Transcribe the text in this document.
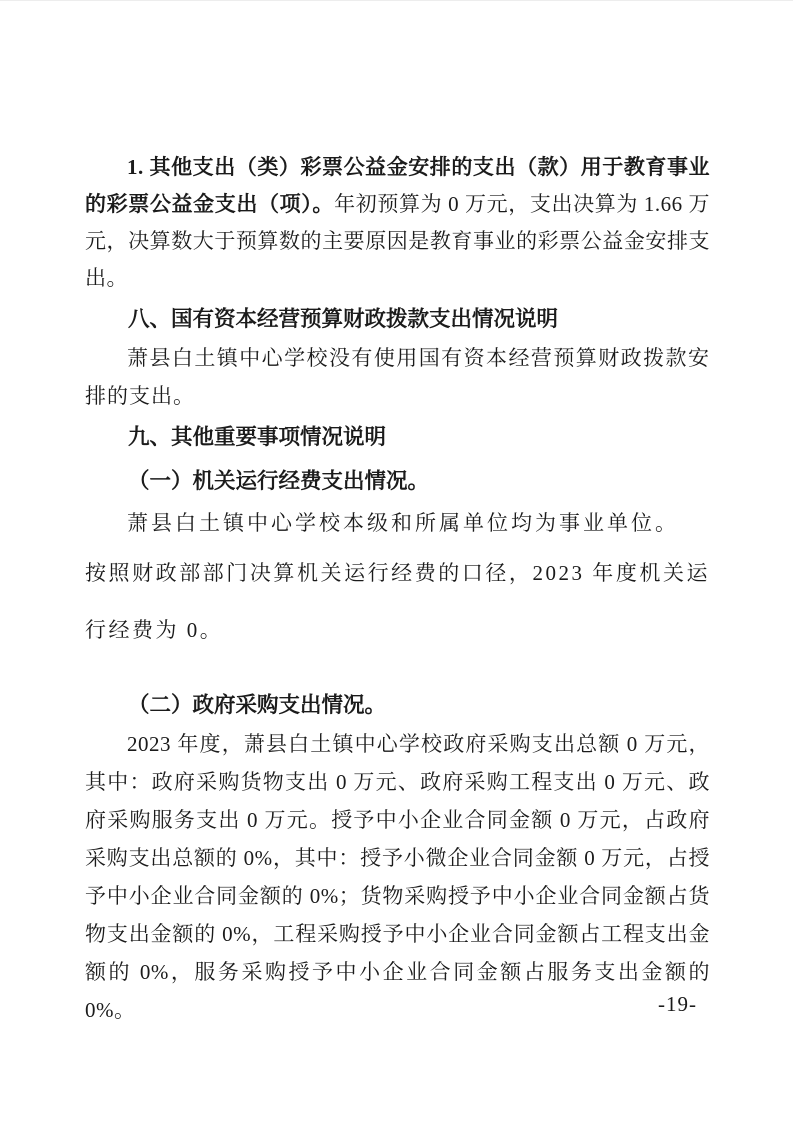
1. 其他支出（类）彩票公益金安排的支出（款）用于教育事业的彩票公益金支出（项）。年初预算为 0 万元，支出决算为 1.66 万元，决算数大于预算数的主要原因是教育事业的彩票公益金安排支出。

八、国有资本经营预算财政拨款支出情况说明

萧县白土镇中心学校没有使用国有资本经营预算财政拨款安排的支出。

九、其他重要事项情况说明
（一）机关运行经费支出情况。

萧县白土镇中心学校本级和所属单位均为事业单位。

按照财政部部门决算机关运行经费的口径，2023 年度机关运行经费为 0。

（二）政府采购支出情况。

2023 年度，萧县白土镇中心学校政府采购支出总额 0 万元，其中：政府采购货物支出 0 万元、政府采购工程支出 0 万元、政府采购服务支出 0 万元。授予中小企业合同金额 0 万元，占政府采购支出总额的 0%，其中：授予小微企业合同金额 0 万元，占授予中小企业合同金额的 0%；货物采购授予中小企业合同金额占货物支出金额的 0%，工程采购授予中小企业合同金额占工程支出金额的 0%，服务采购授予中小企业合同金额占服务支出金额的 0%。	-19-
